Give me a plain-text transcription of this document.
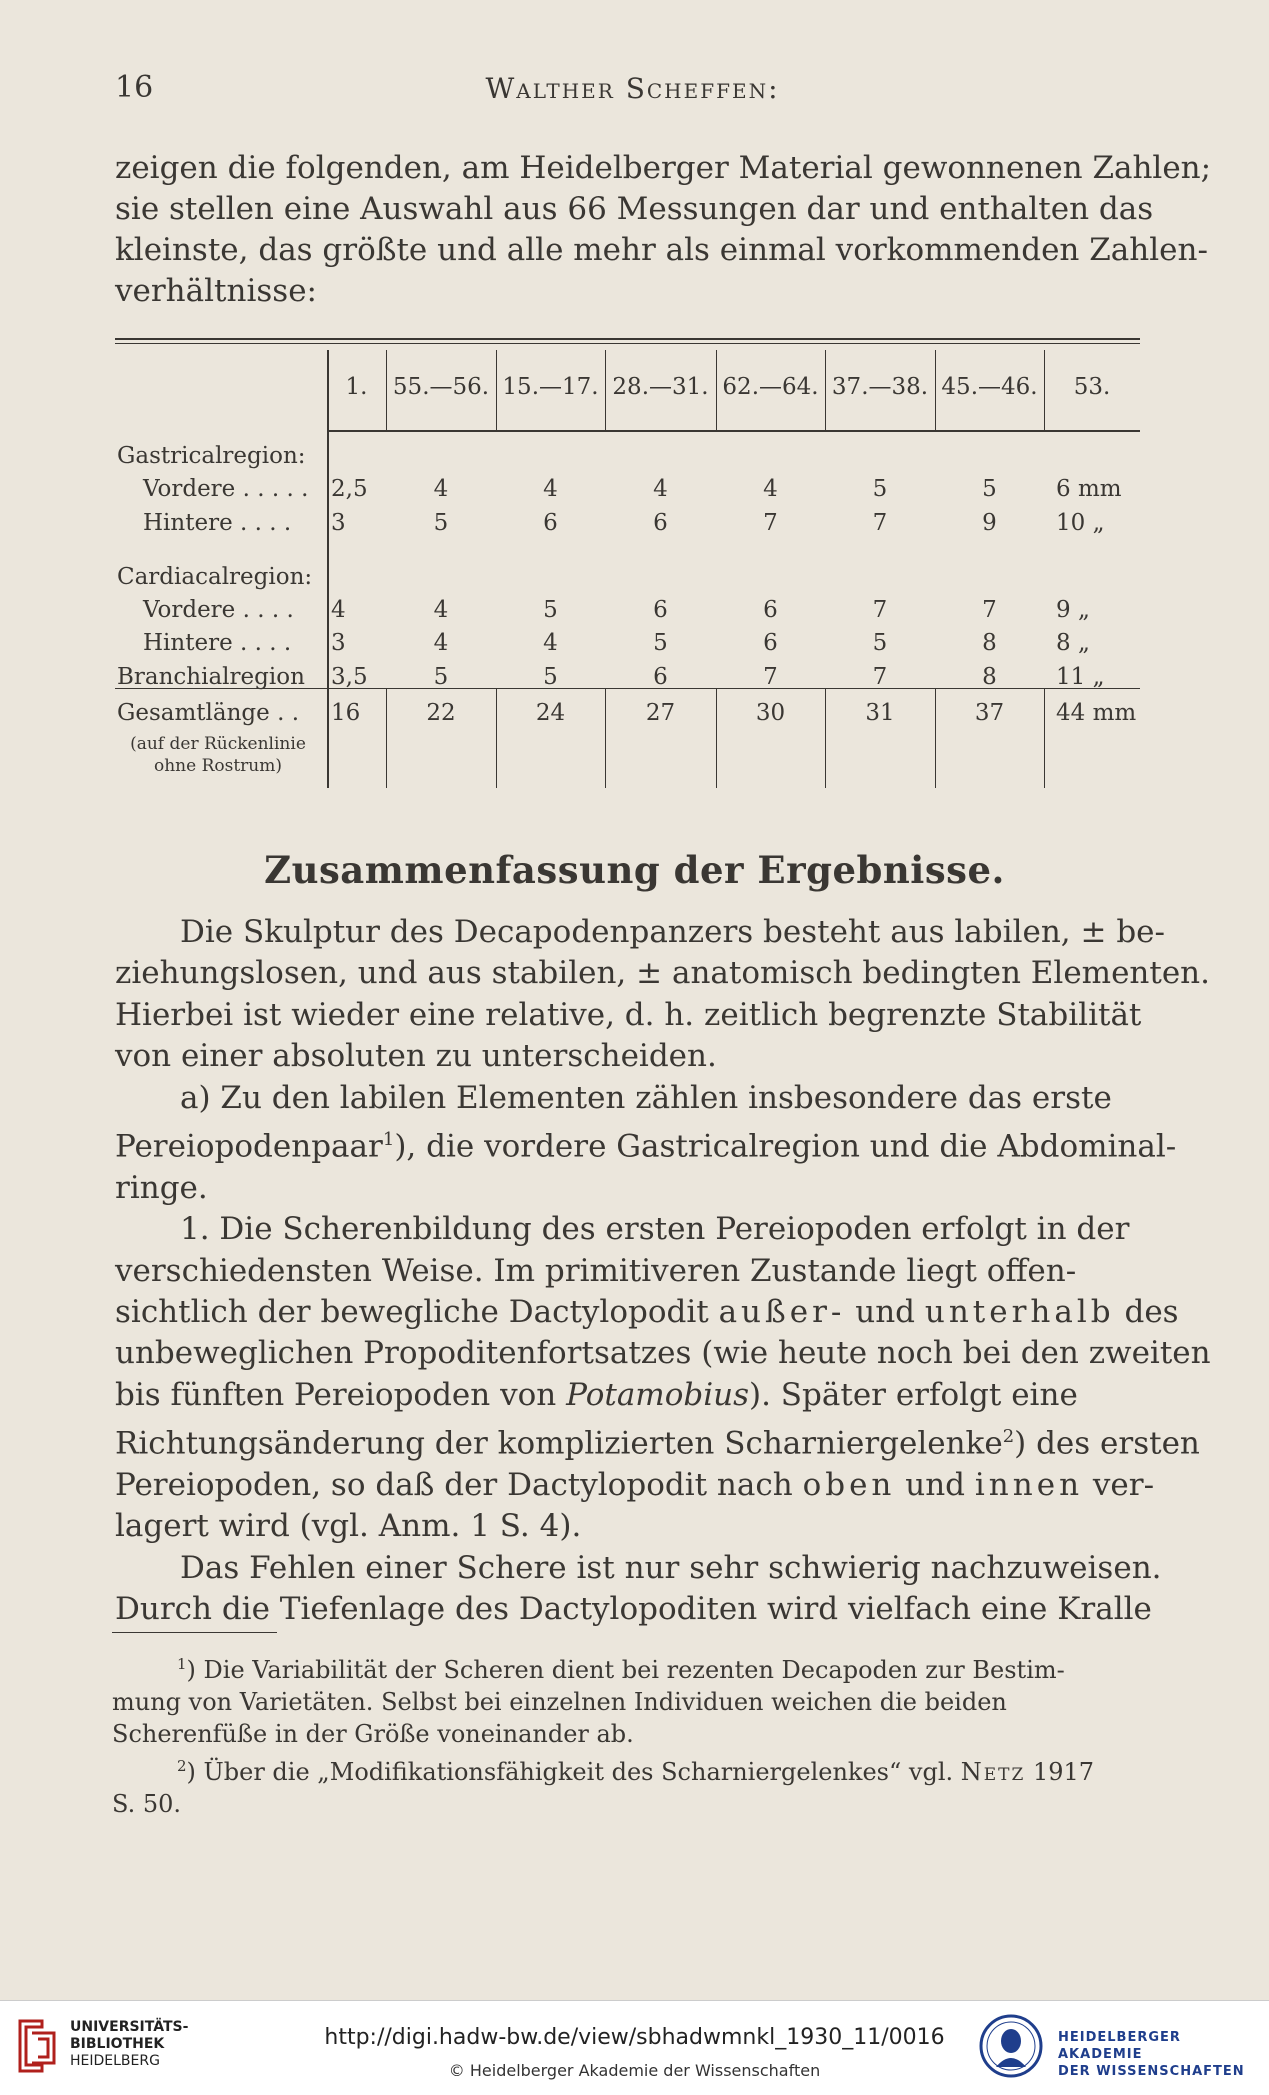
16	Walther Scheffen:
zeigen die folgenden, am Heidelberger Material gewonnenen Zahlen;
sie stellen eine Auswahl aus 66 Messungen dar und enthalten das
kleinste, das größte und alle mehr als einmal vorkommenden Zahlen-
verhältnisse:
1.	55.—56. 15.—17. 28.—31. 62.—64. 37.—38. 45.—46.	53.
Gastricalregion:
Vordere . . . . . 2,5	4	4	4	4	5	5	6 mm
Hintere . . . . 3	5	6	6	7	7	9	10 „
Cardiacalregion:
Vordere . . . . 4	4	5	6	6	7	7	9 „
Hintere . . . . 3	4	4	5	6	5	8	8 „
Branchialregion 3,5	5	5	6	7	7	8	11 „
Gesamtlänge . .
(auf der Rückenlinie
ohne Rostrum)
16	22	24	27	30	31	37	44 mm
Zusammenfassung der Ergebnisse.
Die Skulptur des Decapodenpanzers besteht aus labilen, ± be-
ziehungslosen, und aus stabilen, ± anatomisch bedingten Elementen.
Hierbei ist wieder eine relative, d. h. zeitlich begrenzte Stabilität
von einer absoluten zu unterscheiden.
a) Zu den labilen Elementen zählen insbesondere das erste
Pereiopodenpaar$^1$), die vordere Gastricalregion und die Abdominal-
ringe.
1. Die Scherenbildung des ersten Pereiopoden erfolgt in der
verschiedensten Weise. Im primitiveren Zustande liegt offen-
sichtlich der bewegliche Dactylopodit außer- und unterhalb des
unbeweglichen Propoditenfortsatzes (wie heute noch bei den zweiten
bis fünften Pereiopoden von Potamobius). Später erfolgt eine
Richtungsänderung der komplizierten Scharniergelenke$^2$) des ersten
Pereiopoden, so daß der Dactylopodit nach oben und innen ver-
lagert wird (vgl. Anm. 1 S. 4).
Das Fehlen einer Schere ist nur sehr schwierig nachzuweisen.
Durch die Tiefenlage des Dactylopoditen wird vielfach eine Kralle
$^1$) Die Variabilität der Scheren dient bei rezenten Decapoden zur Bestim-
mung von Varietäten. Selbst bei einzelnen Individuen weichen die beiden
Scherenfüße in der Größe voneinander ab.
$^2$) Über die „Modifikationsfähigkeit des Scharniergelenkes“ vgl. Netz 1917
S. 50.
UNIVERSITÄTS-
BIBLIOTHEK
HEIDELBERG
http://digi.hadw-bw.de/view/sbhadwmnkl_1930_11/0016
© Heidelberger Akademie der Wissenschaften
HEIDELBERGER AKADEMIE
DER WISSENSCHAFTEN
